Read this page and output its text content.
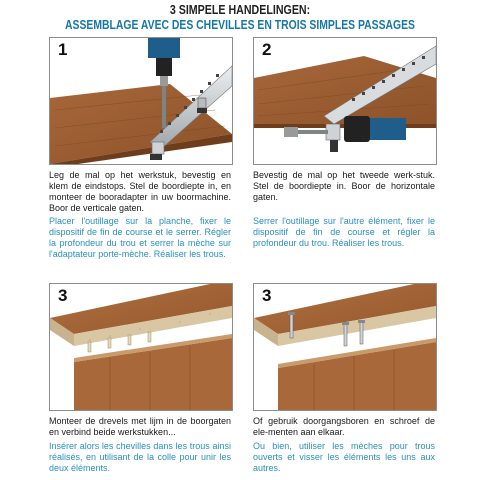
3 SIMPELE HANDELINGEN:
ASSEMBLAGE AVEC DES CHEVILLES EN TROIS SIMPLES PASSAGES
1	2
3	3
Leg de mal op het werkstuk, bevestig en klem de eindstops. Stel de boordiepte in, en monteer de booradapter in uw boormachine. Boor de verticale gaten.
Placer l'outillage sur la planche, fixer le dispositif de fin de course et le serrer. Régler la profondeur du trou et serrer la mèche sur l'adaptateur porte-mèche. Réaliser les trous.
Bevestig de mal op het tweede werk-stuk. Stel de boordiepte in. Boor de horizontale gaten.
Serrer l'outillage sur l'autre élément, fixer le dispositif de fin de course et régler la profondeur du trou. Réaliser les trous.
Monteer de drevels met lijm in de boorgaten en verbind beide werkstukken...
Insérer alors les chevilles dans les trous ainsi réalisés, en utilisant de la colle pour unir les deux éléments.
Of gebruik doorgangsboren en schroef de ele-menten aan elkaar.
Ou bien, utiliser les mèches pour trous ouverts et visser les éléments les uns aux autres.
